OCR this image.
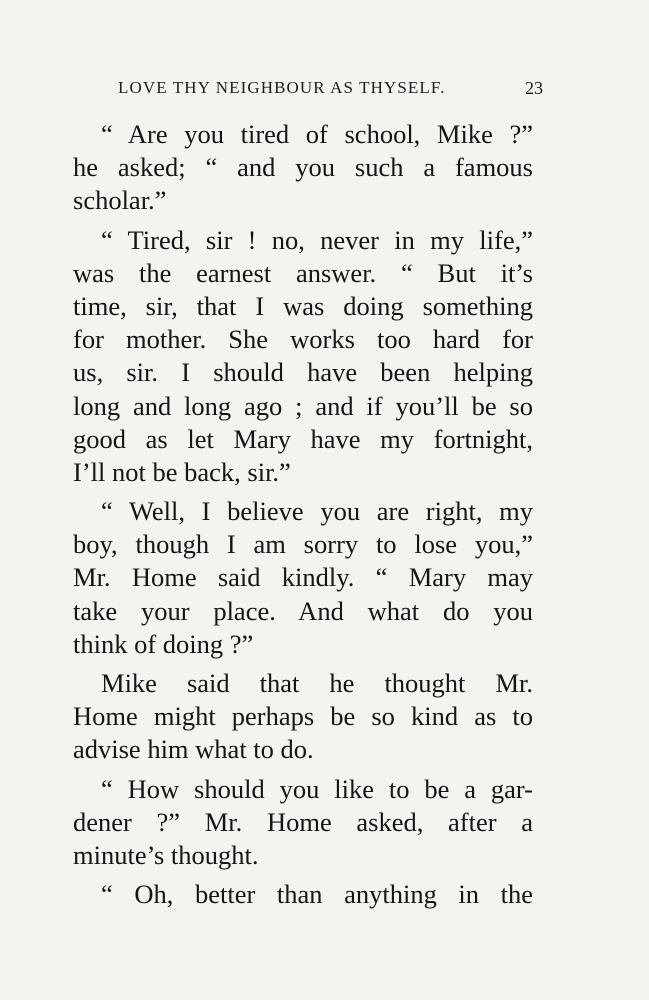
LOVE THY NEIGHBOUR AS THYSELF.	23
“ Are you tired of school, Mike ?”
he asked; “ and you such a famous
scholar.”
“ Tired, sir ! no, never in my life,”
was the earnest answer. “ But it’s
time, sir, that I was doing something
for mother. She works too hard for
us, sir. I should have been helping
long and long ago ; and if you’ll be so
good as let Mary have my fortnight,
I’ll not be back, sir.”
“ Well, I believe you are right, my
boy, though I am sorry to lose you,”
Mr. Home said kindly. “ Mary may
take your place. And what do you
think of doing ?”
Mike said that he thought Mr.
Home might perhaps be so kind as to
advise him what to do.
“ How should you like to be a gar-
dener ?” Mr. Home asked, after a
minute’s thought.
“ Oh, better than anything in the
